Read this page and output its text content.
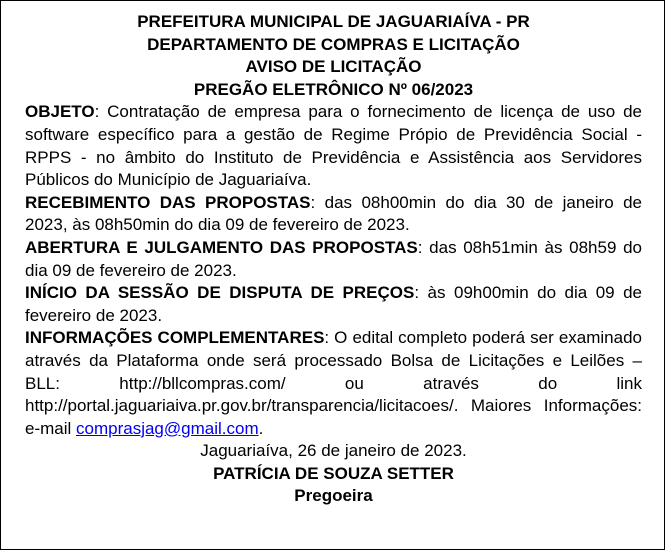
PREFEITURA MUNICIPAL DE JAGUARIAÍVA - PR

DEPARTAMENTO DE COMPRAS E LICITAÇÃO

AVISO DE LICITAÇÃO

PREGÃO ELETRÔNICO Nº 06/2023

OBJETO: Contratação de empresa para o fornecimento de licença de uso de software específico para a gestão de Regime Própio de Previdência Social - RPPS - no âmbito do Instituto de Previdência e Assistência aos Servidores Públicos do Município de Jaguariaíva.

RECEBIMENTO DAS PROPOSTAS: das 08h00min do dia 30 de janeiro de 2023, às 08h50min do dia 09 de fevereiro de 2023.

ABERTURA E JULGAMENTO DAS PROPOSTAS: das 08h51min às 08h59 do dia 09 de fevereiro de 2023.

INÍCIO DA SESSÃO DE DISPUTA DE PREÇOS: às 09h00min do dia 09 de fevereiro de 2023.

INFORMAÇÕES COMPLEMENTARES: O edital completo poderá ser examinado através da Plataforma onde será processado Bolsa de Licitações e Leilões – BLL: http://bllcompras.com/ ou através do link http://portal.jaguariaiva.pr.gov.br/transparencia/licitacoes/. Maiores Informações: e-mail comprasjag@gmail.com.

Jaguariaíva, 26 de janeiro de 2023.

PATRÍCIA DE SOUZA SETTER

Pregoeira
